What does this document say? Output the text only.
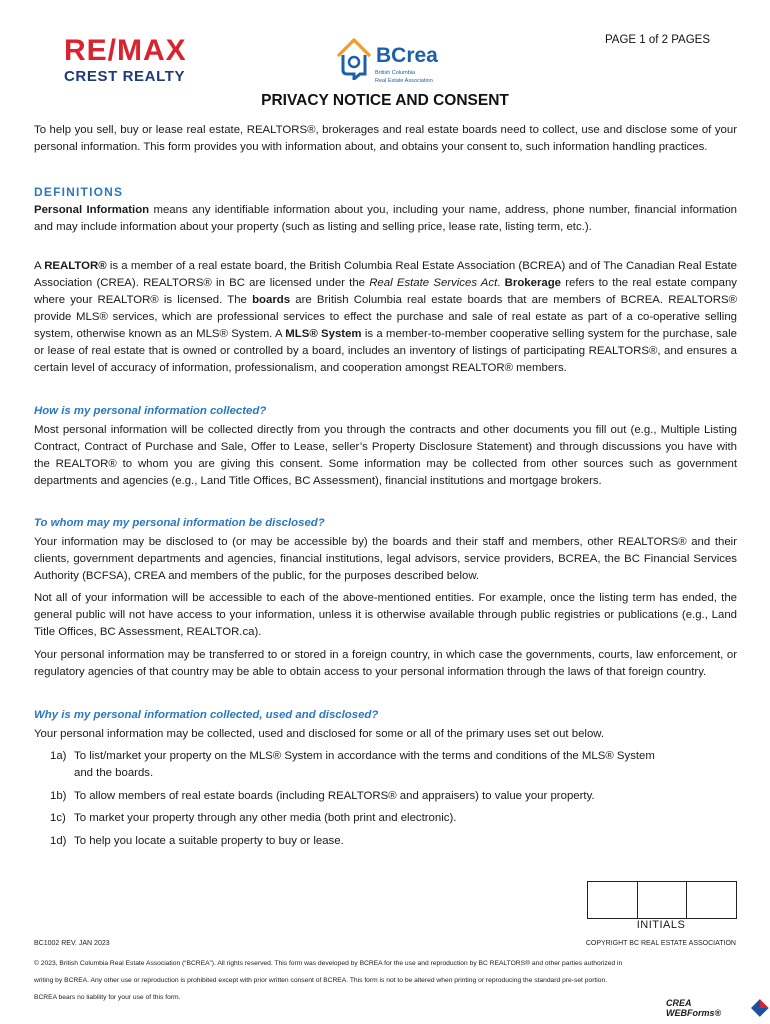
RE/MAX
CREST REALTY
BCrea
British Columbia
Real Estate Association
PAGE 1 of 2 PAGES
PRIVACY NOTICE AND CONSENT
To help you sell, buy or lease real estate, REALTORS®, brokerages and real estate boards need to collect, use and disclose some of your personal information. This form provides you with information about, and obtains your consent to, such information handling practices.
DEFINITIONS
Personal Information means any identifiable information about you, including your name, address, phone number, financial information and may include information about your property (such as listing and selling price, lease rate, listing term, etc.).
A REALTOR® is a member of a real estate board, the British Columbia Real Estate Association (BCREA) and of The Canadian Real Estate Association (CREA). REALTORS® in BC are licensed under the Real Estate Services Act. Brokerage refers to the real estate company where your REALTOR® is licensed. The boards are British Columbia real estate boards that are members of BCREA. REALTORS® provide MLS® services, which are professional services to effect the purchase and sale of real estate as part of a co-operative selling system, otherwise known as an MLS® System. A MLS® System is a member-to-member cooperative selling system for the purchase, sale or lease of real estate that is owned or controlled by a board, includes an inventory of listings of participating REALTORS®, and ensures a certain level of accuracy of information, professionalism, and cooperation amongst REALTOR® members.
How is my personal information collected?
Most personal information will be collected directly from you through the contracts and other documents you fill out (e.g., Multiple Listing Contract, Contract of Purchase and Sale, Offer to Lease, seller’s Property Disclosure Statement) and through discussions you have with the REALTOR® to whom you are giving this consent. Some information may be collected from other sources such as government departments and agencies (e.g., Land Title Offices, BC Assessment), financial institutions and mortgage brokers.
To whom may my personal information be disclosed?
Your information may be disclosed to (or may be accessible by) the boards and their staff and members, other REALTORS® and their clients, government departments and agencies, financial institutions, legal advisors, service providers, BCREA, the BC Financial Services Authority (BCFSA), CREA and members of the public, for the purposes described below.
Not all of your information will be accessible to each of the above-mentioned entities. For example, once the listing term has ended, the general public will not have access to your information, unless it is otherwise available through public registries or publications (e.g., Land Title Offices, BC Assessment, REALTOR.ca).
Your personal information may be transferred to or stored in a foreign country, in which case the governments, courts, law enforcement, or regulatory agencies of that country may be able to obtain access to your personal information through the laws of that foreign country.
Why is my personal information collected, used and disclosed?
Your personal information may be collected, used and disclosed for some or all of the primary uses set out below.
1a) To list/market your property on the MLS® System in accordance with the terms and conditions of the MLS® System
and the boards.
1b) To allow members of real estate boards (including REALTORS® and appraisers) to value your property.
1c) To market your property through any other media (both print and electronic).
1d) To help you locate a suitable property to buy or lease.
INITIALS
BC1002 REV. JAN 2023	COPYRIGHT BC REAL ESTATE ASSOCIATION
© 2023, British Columbia Real Estate Association (“BCREA”). All rights reserved. This form was developed by BCREA for the use and reproduction by BC REALTORS® and other parties authorized in
writing by BCREA. Any other use or reproduction is prohibited except with prior written consent of BCREA. This form is not to be altered when printing or reproducing the standard pre-set portion.
BCREA bears no liability for your use of this form.
CREA WEBForms®
